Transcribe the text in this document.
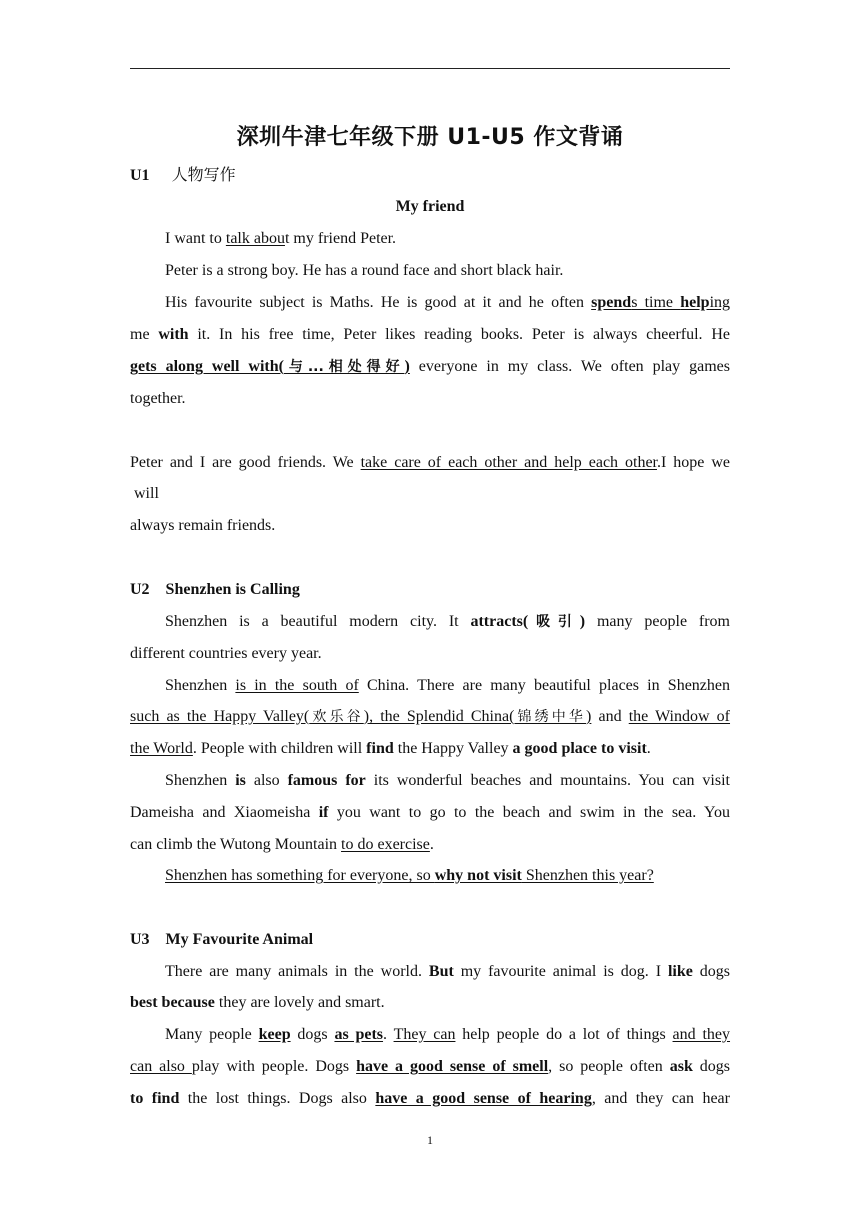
深圳牛津七年级下册 U1-U5 作文背诵
U1 人物写作
My friend
I want to talk about my friend Peter.
Peter is a strong boy. He has a round face and short black hair.
His favourite subject is Maths. He is good at it and he often spends time helping
me with it. In his free time, Peter likes reading books. Peter is always cheerful. He
gets along well with(与...相处得好) everyone in my class. We often play games
together.
Peter and I are good friends. We take care of each other and help each other.I hope we
will
always remain friends.
U2    Shenzhen is Calling
Shenzhen is a beautiful modern city. It attracts(吸引) many people from
different countries every year.
Shenzhen is in the south of China. There are many beautiful places in Shenzhen
such as the Happy Valley(欢乐谷), the Splendid China(锦绣中华) and the Window of
the World. People with children will find the Happy Valley a good place to visit.
Shenzhen is also famous for its wonderful beaches and mountains. You can visit
Dameisha and Xiaomeisha if you want to go to the beach and swim in the sea. You
can climb the Wutong Mountain to do exercise.
Shenzhen has something for everyone, so why not visit Shenzhen this year?
U3    My Favourite Animal
There are many animals in the world. But my favourite animal is dog. I like dogs
best because they are lovely and smart.
Many people keep dogs as pets. They can help people do a lot of things and they
can also play with people. Dogs have a good sense of smell, so people often ask dogs
to find the lost things. Dogs also have a good sense of hearing, and they can hear
1
